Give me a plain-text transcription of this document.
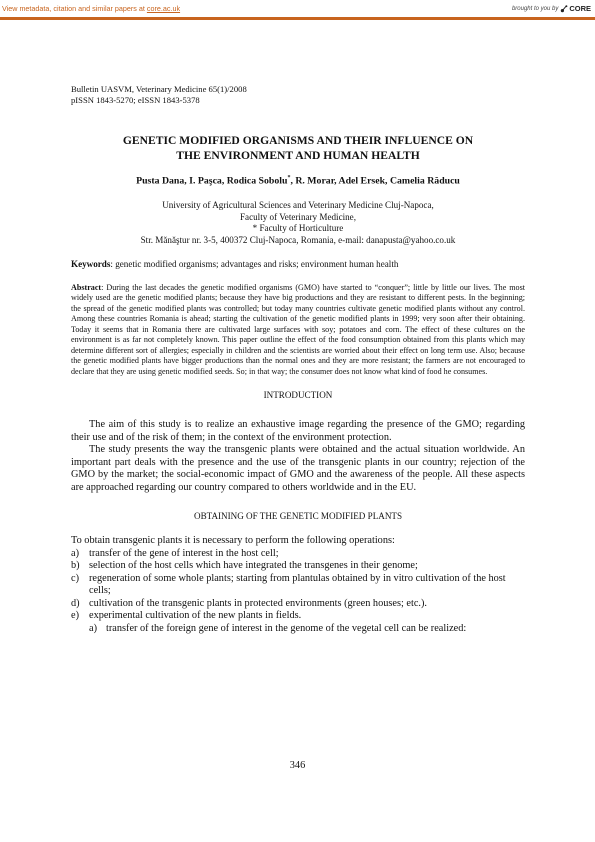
View metadata, citation and similar papers at core.ac.uk	brought to you by CORE
Bulletin UASVM, Veterinary Medicine 65(1)/2008
pISSN 1843-5270; eISSN 1843-5378
GENETIC MODIFIED ORGANISMS AND THEIR INFLUENCE ON
THE ENVIRONMENT AND HUMAN HEALTH
Pusta Dana, I. Paşca, Rodica Sobolu*, R. Morar, Adel Ersek, Camelia Răducu
University of Agricultural Sciences and Veterinary Medicine Cluj-Napoca,
Faculty of Veterinary Medicine,
* Faculty of Horticulture
Str. Mănăştur nr. 3-5, 400372 Cluj-Napoca, Romania, e-mail: danapusta@yahoo.co.uk
Keywords: genetic modified organisms; advantages and risks; environment human health
Abstract: During the last decades the genetic modified organisms (GMO) have started to “conquer”; little by little our lives. The most widely used are the genetic modified plants; because they have big productions and they are resistant to different pests. In the beginning; the spread of the genetic modified plants was controlled; but today many countries cultivate genetic modified plants without any control. Among these countries Romania is ahead; starting the cultivation of the genetic modified plants in 1999; very soon after their obtaining. Today it seems that in Romania there are cultivated large surfaces with soy; potatoes and corn. The effect of these cultures on the environment is as far not completely known. This paper outline the effect of the food consumption obtained from this plants which may determine different sort of allergies; especially in children and the scientists are worried about their effect on long term use. Also; because the genetic modified plants have bigger productions than the normal ones and they are more resistant; the farmers are not encouraged to declare that they are using genetic modified seeds. So; in that way; the consumer does not know what kind of food he consumes.
INTRODUCTION
The aim of this study is to realize an exhaustive image regarding the presence of the GMO; regarding their use and of the risk of them; in the context of the environment protection.
The study presents the way the transgenic plants were obtained and the actual situation worldwide. An important part deals with the presence and the use of the transgenic plants in our country; rejection of the GMO by the market; the social-economic impact of GMO and the awareness of the people. All these aspects are approached regarding our country compared to others worldwide and in the EU.
OBTAINING OF THE GENETIC MODIFIED PLANTS
To obtain transgenic plants it is necessary to perform the following operations:
a) transfer of the gene of interest in the host cell;
b) selection of the host cells which have integrated the transgenes in their genome;
c) regeneration of some whole plants; starting from plantulas obtained by in vitro cultivation of the host cells;
d) cultivation of the transgenic plants in protected environments (green houses; etc.).
e) experimental cultivation of the new plants in fields.
a) transfer of the foreign gene of interest in the genome of the vegetal cell can be realized:
346
